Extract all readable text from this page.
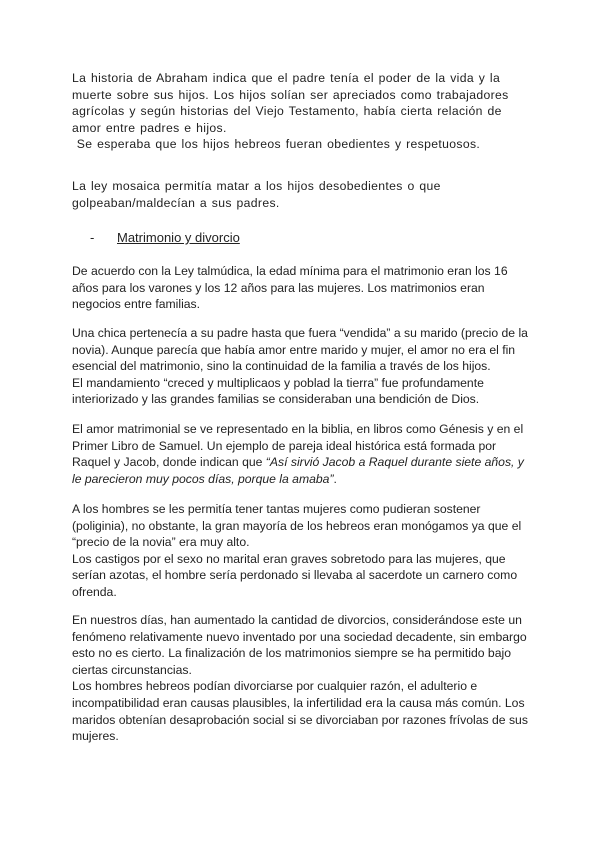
La historia de Abraham indica que el padre tenía el poder de la vida y la
muerte sobre sus hijos. Los hijos solían ser apreciados como trabajadores
agrícolas y según historias del Viejo Testamento, había cierta relación de
amor entre padres e hijos.
Se esperaba que los hijos hebreos fueran obedientes y respetuosos.
La ley mosaica permitía matar a los hijos desobedientes o que
golpeaban/maldecían a sus padres.
- Matrimonio y divorcio
De acuerdo con la Ley talmúdica, la edad mínima para el matrimonio eran los 16
años para los varones y los 12 años para las mujeres. Los matrimonios eran
negocios entre familias.
Una chica pertenecía a su padre hasta que fuera “vendida” a su marido (precio de la
novia). Aunque parecía que había amor entre marido y mujer, el amor no era el fin
esencial del matrimonio, sino la continuidad de la familia a través de los hijos.
El mandamiento “creced y multiplicaos y poblad la tierra” fue profundamente
interiorizado y las grandes familias se consideraban una bendición de Dios.
El amor matrimonial se ve representado en la biblia, en libros como Génesis y en el
Primer Libro de Samuel. Un ejemplo de pareja ideal histórica está formada por
Raquel y Jacob, donde indican que “Así sirvió Jacob a Raquel durante siete años, y
le parecieron muy pocos días, porque la amaba”.
A los hombres se les permitía tener tantas mujeres como pudieran sostener
(poliginia), no obstante, la gran mayoría de los hebreos eran monógamos ya que el
“precio de la novia” era muy alto.
Los castigos por el sexo no marital eran graves sobretodo para las mujeres, que
serían azotas, el hombre sería perdonado si llevaba al sacerdote un carnero como
ofrenda.
En nuestros días, han aumentado la cantidad de divorcios, considerándose este un
fenómeno relativamente nuevo inventado por una sociedad decadente, sin embargo
esto no es cierto. La finalización de los matrimonios siempre se ha permitido bajo
ciertas circunstancias.
Los hombres hebreos podían divorciarse por cualquier razón, el adulterio e
incompatibilidad eran causas plausibles, la infertilidad era la causa más común. Los
maridos obtenían desaprobación social si se divorciaban por razones frívolas de sus
mujeres.
